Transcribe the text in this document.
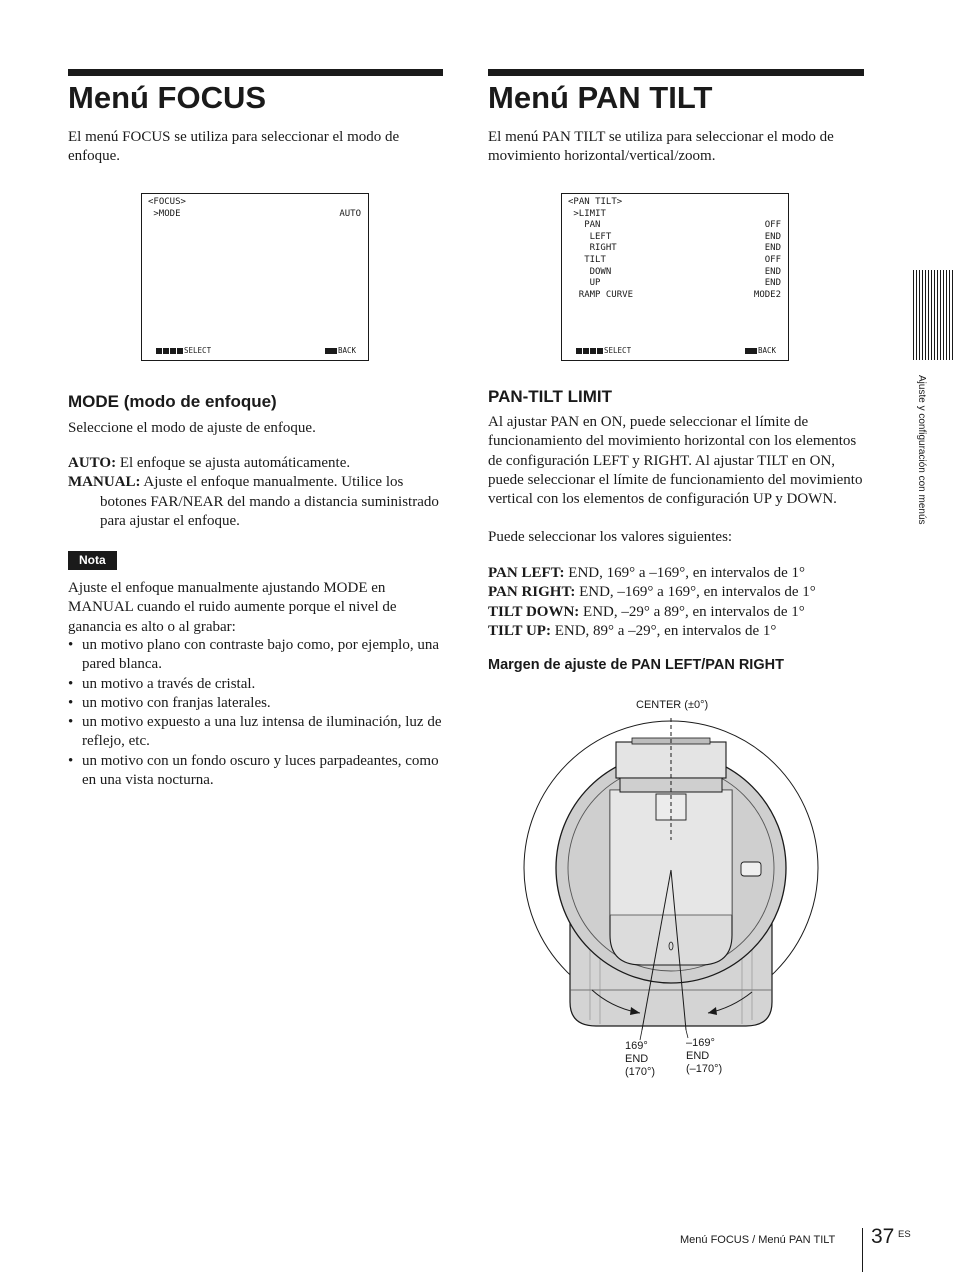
Menú FOCUS

El menú FOCUS se utiliza para seleccionar el modo de enfoque.

<FOCUS>
>MODE	AUTO
SELECT	BACK
MODE (modo de enfoque)

Seleccione el modo de ajuste de enfoque.

AUTO: El enfoque se ajusta automáticamente.
MANUAL: Ajuste el enfoque manualmente. Utilice los botones FAR/NEAR del mando a distancia suministrado para ajustar el enfoque.
Nota

Ajuste el enfoque manualmente ajustando MODE en MANUAL cuando el ruido aumente porque el nivel de ganancia es alto o al grabar:

• un motivo plano con contraste bajo como, por ejemplo, una pared blanca.
• un motivo a través de cristal.
• un motivo con franjas laterales.
• un motivo expuesto a una luz intensa de iluminación, luz de reflejo, etc.
• un motivo con un fondo oscuro y luces parpadeantes, como en una vista nocturna.
Menú PAN TILT

El menú PAN TILT se utiliza para seleccionar el modo de movimiento horizontal/vertical/zoom.

<PAN TILT>
>LIMIT
PAN	OFF
LEFT	END
RIGHT	END
TILT	OFF
DOWN	END
UP	END
RAMP CURVE	MODE2
SELECT	BACK
PAN-TILT LIMIT

Al ajustar PAN en ON, puede seleccionar el límite de funcionamiento del movimiento horizontal con los elementos de configuración LEFT y RIGHT. Al ajustar TILT en ON, puede seleccionar el límite de funcionamiento del movimiento vertical con los elementos de configuración UP y DOWN.

Puede seleccionar los valores siguientes:

PAN LEFT: END, 169° a –169°, en intervalos de 1°
PAN RIGHT: END, –169° a 169°, en intervalos de 1°
TILT DOWN: END, –29° a 89°, en intervalos de 1°
TILT UP: END, 89° a –29°, en intervalos de 1°
Margen de ajuste de PAN LEFT/PAN RIGHT
CENTER (±0°)
169°
END
(170°)
–169°
END
(–170°)
Ajuste y configuración con menús
Menú FOCUS / Menú PAN TILT 37 ES
